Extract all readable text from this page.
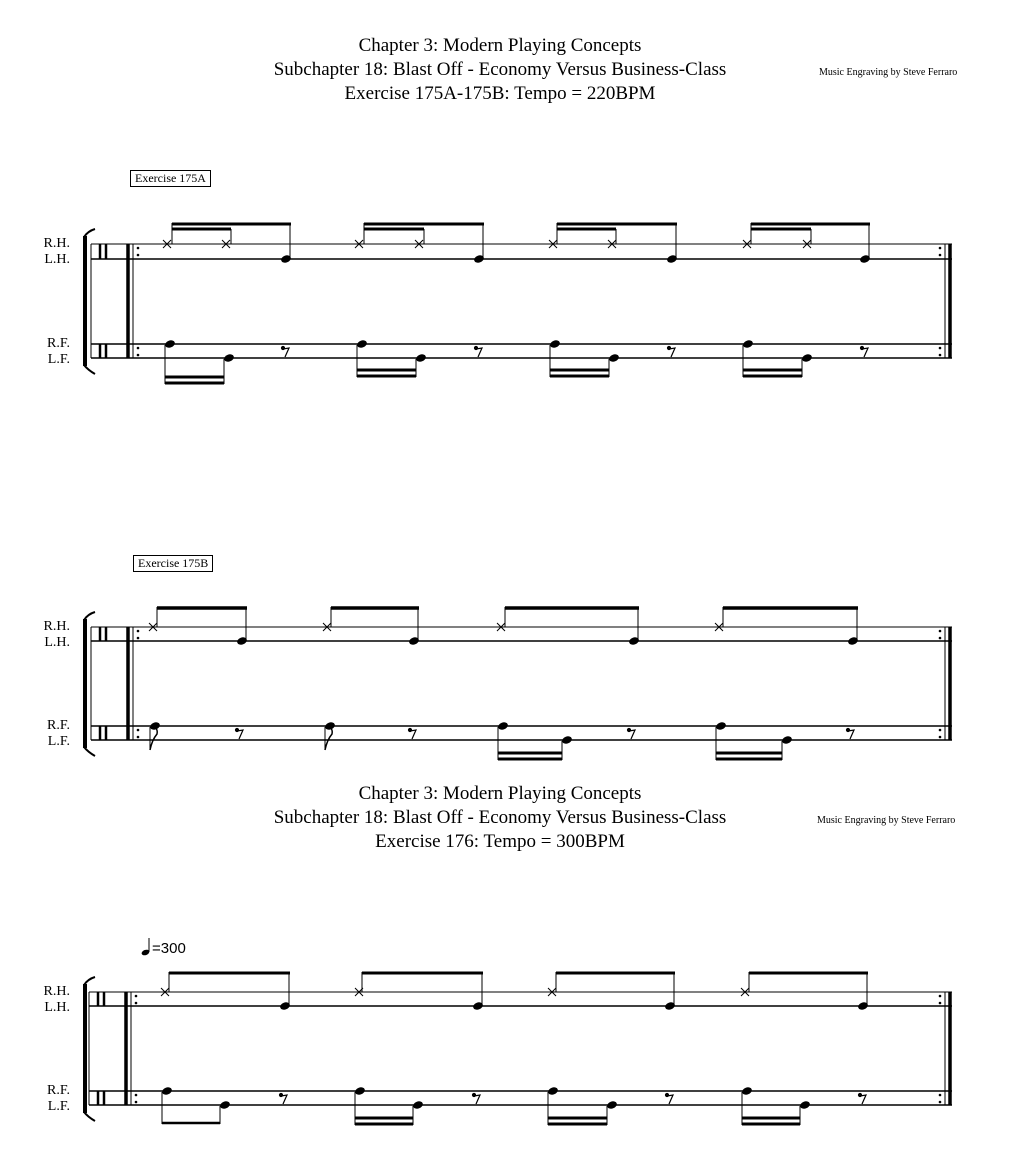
Chapter 3: Modern Playing Concepts
Subchapter 18: Blast Off - Economy Versus Business-Class
Exercise 175A-175B: Tempo = 220BPM
Music Engraving by Steve Ferraro
Exercise 175A
R.H.
L.H.
R.F.
L.F.
Exercise 175B
R.H.
L.H.
R.F.
L.F.
Chapter 3: Modern Playing Concepts
Subchapter 18: Blast Off - Economy Versus Business-Class
Exercise 176: Tempo = 300BPM
Music Engraving by Steve Ferraro
=300
R.H.
L.H.
R.F.
L.F.
